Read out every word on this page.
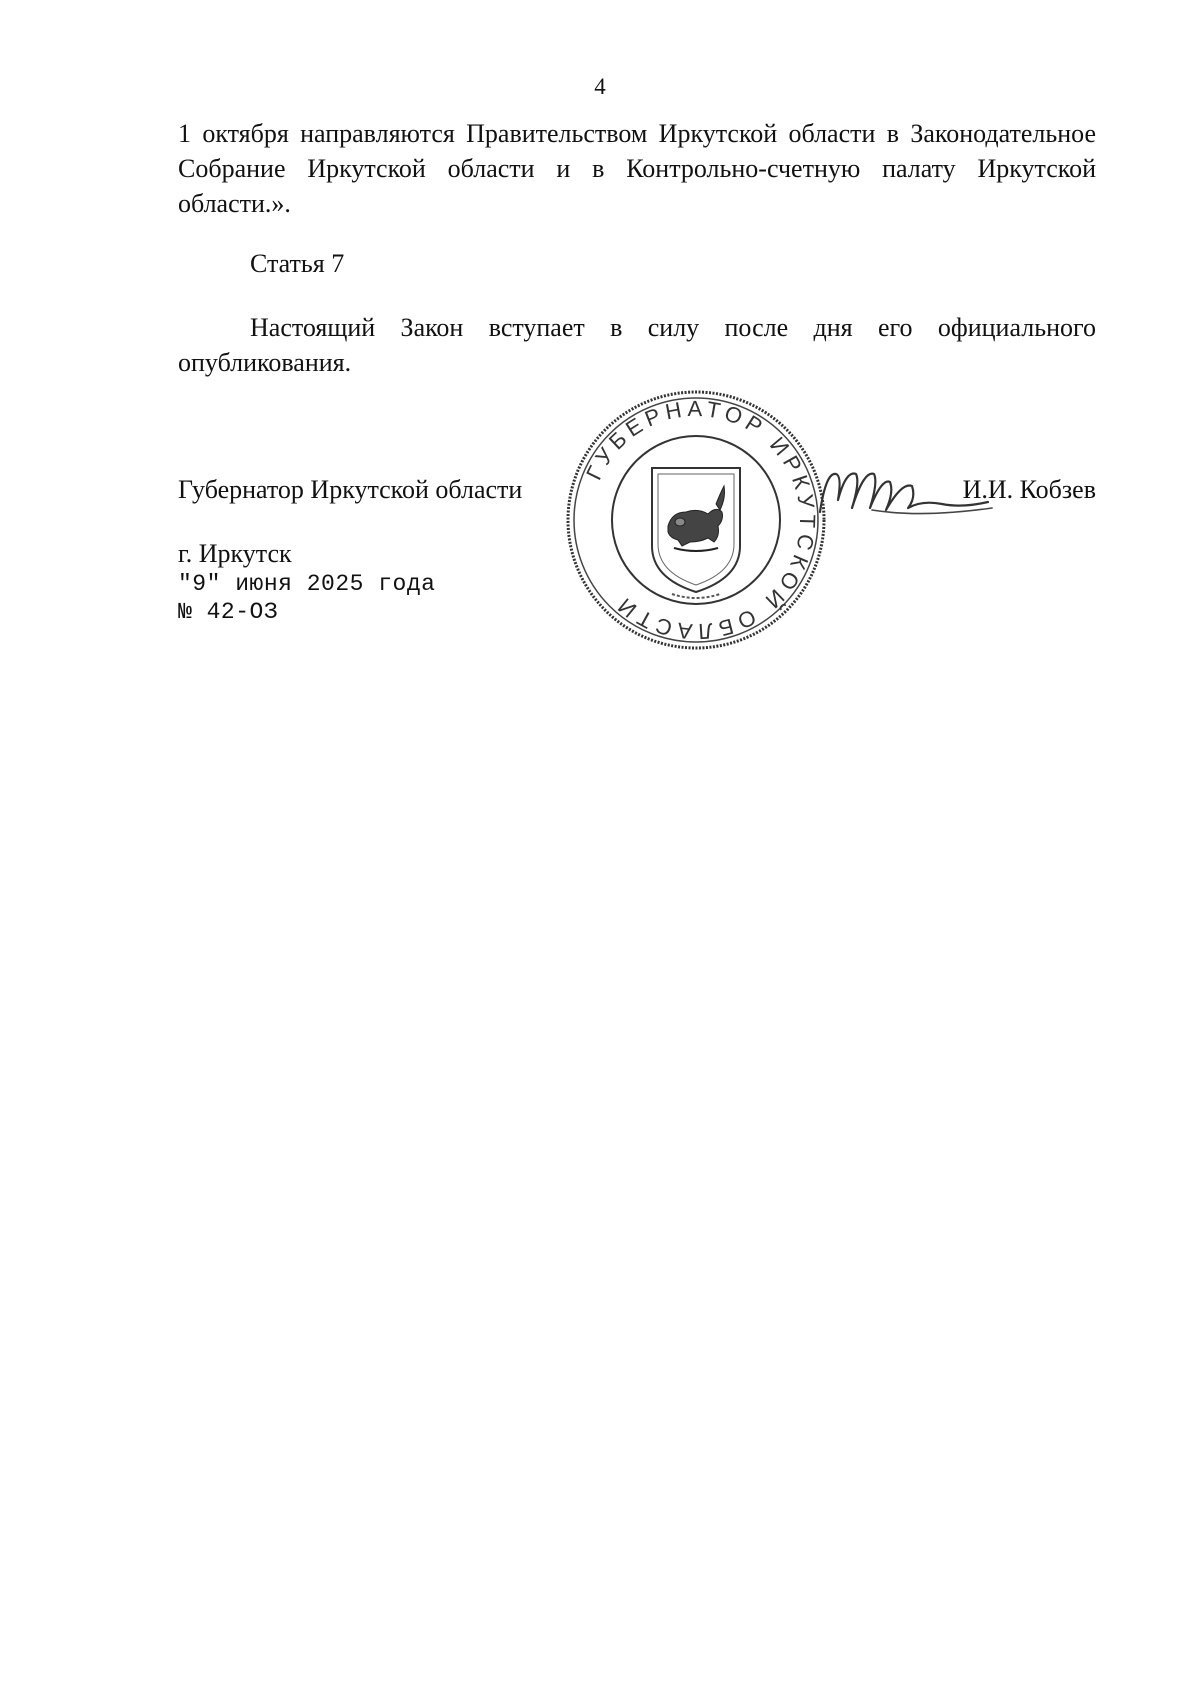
4
1 октября направляются Правительством Иркутской области в Законодательное Собрание Иркутской области и в Контрольно-счетную палату Иркутской области.».
Статья 7
Настоящий Закон вступает в силу после дня его официального опубликования.
Губернатор Иркутской области
ГУБЕРНАТОР ИРКУТСКОЙ ОБЛАСТИ
И.И. Кобзев
г. Иркутск
"9" июня 2025 года
№ 42-ОЗ
